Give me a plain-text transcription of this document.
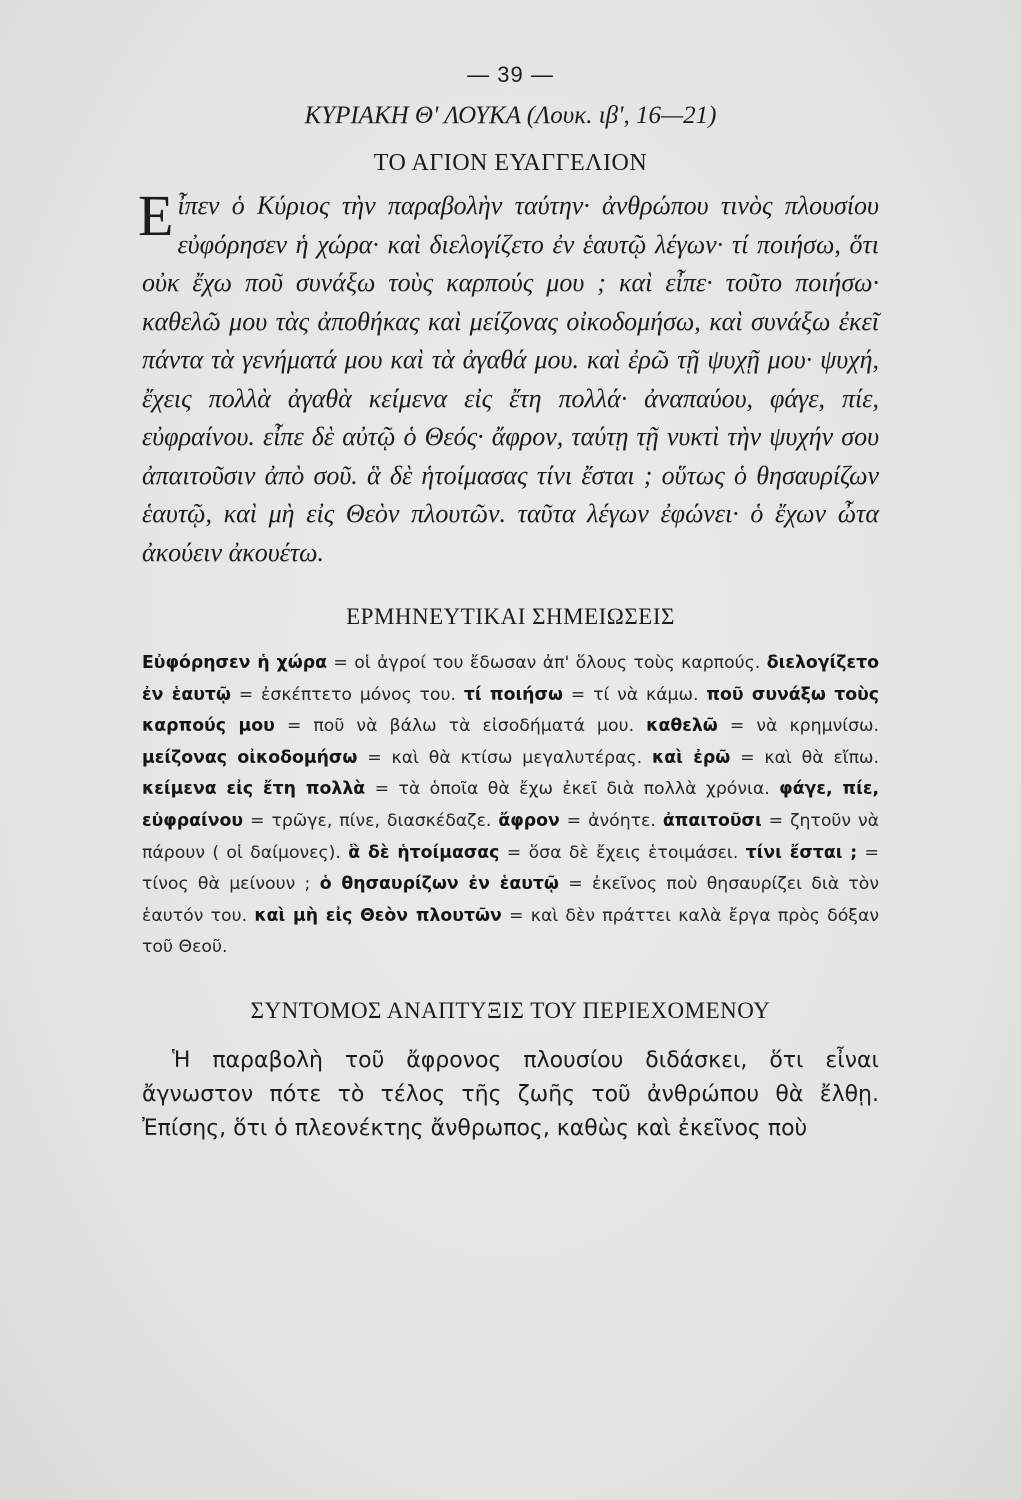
— 39 —
ΚΥΡΙΑΚΗ Θ' ΛΟΥΚΑ (Λουκ. ιβ', 16—21)
ΤΟ ΑΓΙΟΝ ΕΥΑΓΓΕΛΙΟΝ

Εἶπεν ὁ Κύριος τὴν παραβολὴν ταύτην· ἀνθρώπου τινὸς πλουσίου εὐφόρησεν ἡ χώρα· καὶ διελογίζετο ἐν ἑαυτῷ λέγων· τί ποιήσω, ὅτι οὐκ ἔχω ποῦ συνάξω τοὺς καρπούς μου ; καὶ εἶπε· τοῦτο ποιήσω· καθελῶ μου τὰς ἀποθήκας καὶ μείζονας οἰκοδομήσω, καὶ συνάξω ἐκεῖ πάντα τὰ γενήματά μου καὶ τὰ ἀγαθά μου. καὶ ἐρῶ τῇ ψυχῇ μου· ψυχή, ἔχεις πολλὰ ἀγαθὰ κείμενα εἰς ἔτη πολλά· ἀναπαύου, φάγε, πίε, εὐφραίνου. εἶπε δὲ αὐτῷ ὁ Θεός· ἄφρον, ταύτῃ τῇ νυκτὶ τὴν ψυχήν σου ἀπαιτοῦσιν ἀπὸ σοῦ. ἃ δὲ ἡτοίμασας τίνι ἔσται ; οὕτως ὁ θησαυρίζων ἑαυτῷ, καὶ μὴ εἰς Θεὸν πλουτῶν. ταῦτα λέγων ἐφώνει· ὁ ἔχων ὦτα ἀκούειν ἀκουέτω.

ΕΡΜΗΝΕΥΤΙΚΑΙ ΣΗΜΕΙΩΣΕΙΣ

Εὐφόρησεν ἡ χώρα = οἱ ἀγροί του ἔδωσαν ἀπ' ὅλους τοὺς καρπούς. διελογίζετο ἐν ἑαυτῷ = ἐσκέπτετο μόνος του. τί ποιήσω = τί νὰ κάμω. ποῦ συνάξω τοὺς καρπούς μου = ποῦ νὰ βάλω τὰ εἰσοδήματά μου. καθελῶ = νὰ κρημνίσω. μείζονας οἰκοδομήσω = καὶ θὰ κτίσω μεγαλυτέρας. καὶ ἐρῶ = καὶ θὰ εἴπω. κείμενα εἰς ἔτη πολλὰ = τὰ ὁποῖα θὰ ἔχω ἐκεῖ διὰ πολλὰ χρόνια. φάγε, πίε, εὐφραίνου = τρῶγε, πίνε, διασκέδαζε. ἄφρον = ἀνόητε. ἀπαιτοῦσι = ζητοῦν νὰ πάρουν ( οἱ δαίμονες). ἃ δὲ ἡτοίμασας = ὅσα δὲ ἔχεις ἑτοιμάσει. τίνι ἔσται ; = τίνος θὰ μείνουν ; ὁ θησαυρίζων ἐν ἑαυτῷ = ἐκεῖνος ποὺ θησαυρίζει διὰ τὸν ἑαυτόν του. καὶ μὴ εἰς Θεὸν πλουτῶν = καὶ δὲν πράττει καλὰ ἔργα πρὸς δόξαν τοῦ Θεοῦ.

ΣΥΝΤΟΜΟΣ ΑΝΑΠΤΥΞΙΣ ΤΟΥ ΠΕΡΙΕΧΟΜΕΝΟΥ

Ἡ παραβολὴ τοῦ ἄφρονος πλουσίου διδάσκει, ὅτι εἶναι ἄγνωστον πότε τὸ τέλος τῆς ζωῆς τοῦ ἀνθρώπου θὰ ἔλθῃ. Ἐπίσης, ὅτι ὁ πλεονέκτης ἄνθρωπος, καθὼς καὶ ἐκεῖνος ποὺ
